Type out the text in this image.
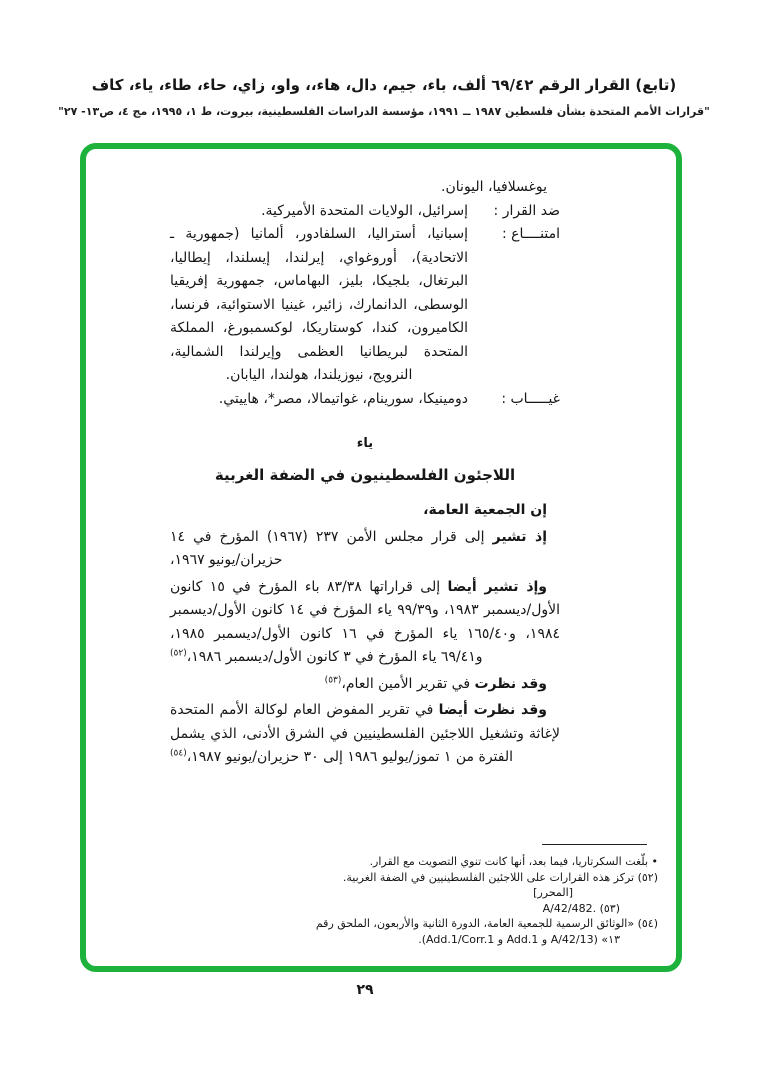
(تابع) القرار الرقم ٦٩/٤٢ ألف، باء، جيم، دال، هاء،، واو، زاي، حاء، طاء، ياء، كاف
"قرارات الأمم المتحدة بشأن فلسطين ١٩٨٧ ــ ١٩٩١، مؤسسة الدراسات الفلسطينية، بيروت، ط ١، ١٩٩٥، مج ٤، ص١٣- ٢٧"
يوغسلافيا، اليونان.
ضد القرار :
إسرائيل، الولايات المتحدة الأميركية.
امتنــــاع :
إسبانيا، أستراليا، السلفادور، ألمانيا (جمهورية ـ الاتحادية)، أوروغواي، إيرلندا، إيسلندا، إيطاليا، البرتغال، بلجيكا، بليز، البهاماس، جمهورية إفريقيا الوسطى، الدانمارك، زائير، غينيا الاستوائية، فرنسا، الكاميرون، كندا، كوستاريكا، لوكسمبورغ، المملكة المتحدة لبريطانيا العظمى وإيرلندا الشمالية، النرويج، نيوزيلندا، هولندا، اليابان.
غيـــــاب :
دومينيكا، سورينام، غواتيمالا، مصر*، هاييتي.
ياء
اللاجئون الفلسطينيون في الضفة الغربية

إن الجمعية العامة،

إذ تشير إلى قرار مجلس الأمن ٢٣٧ (١٩٦٧) المؤرخ في ١٤ حزيران/يونيو ١٩٦٧،

وإذ تشير أيضا إلى قراراتها ٨٣/٣٨ باء المؤرخ في ١٥ كانون الأول/ديسمبر ١٩٨٣، و٩٩/٣٩ ياء المؤرخ في ١٤ كانون الأول/ديسمبر ١٩٨٤، و١٦٥/٤٠ ياء المؤرخ في ١٦ كانون الأول/ديسمبر ١٩٨٥، و٦٩/٤١ ياء المؤرخ في ٣ كانون الأول/ديسمبر ١٩٨٦،$^{(٥٢)}$

وقد نظرت في تقرير الأمين العام،$^{(٥٣)}$

وقد نظرت أيضا في تقرير المفوض العام لوكالة الأمم المتحدة لإغاثة وتشغيل اللاجئين الفلسطينيين في الشرق الأدنى، الذي يشمل الفترة من ١ تموز/يوليو ١٩٨٦ إلى ٣٠ حزيران/يونيو ١٩٨٧،$^{(٥٤)}$

• بلّغت السكرتاريا، فيما بعد، أنها كانت تنوي التصويت مع القرار.
(٥٢) تركز هذه القرارات على اللاجئين الفلسطينيين في الضفة الغربية.
[المحرر]
(٥٣) ‎A/42/482.‎
(٥٤) «الوثائق الرسمية للجمعية العامة، الدورة الثانية والأربعون، الملحق رقم
١٣» (A/42/13 و Add.1 و Add.1/Corr.1).
٢٩
